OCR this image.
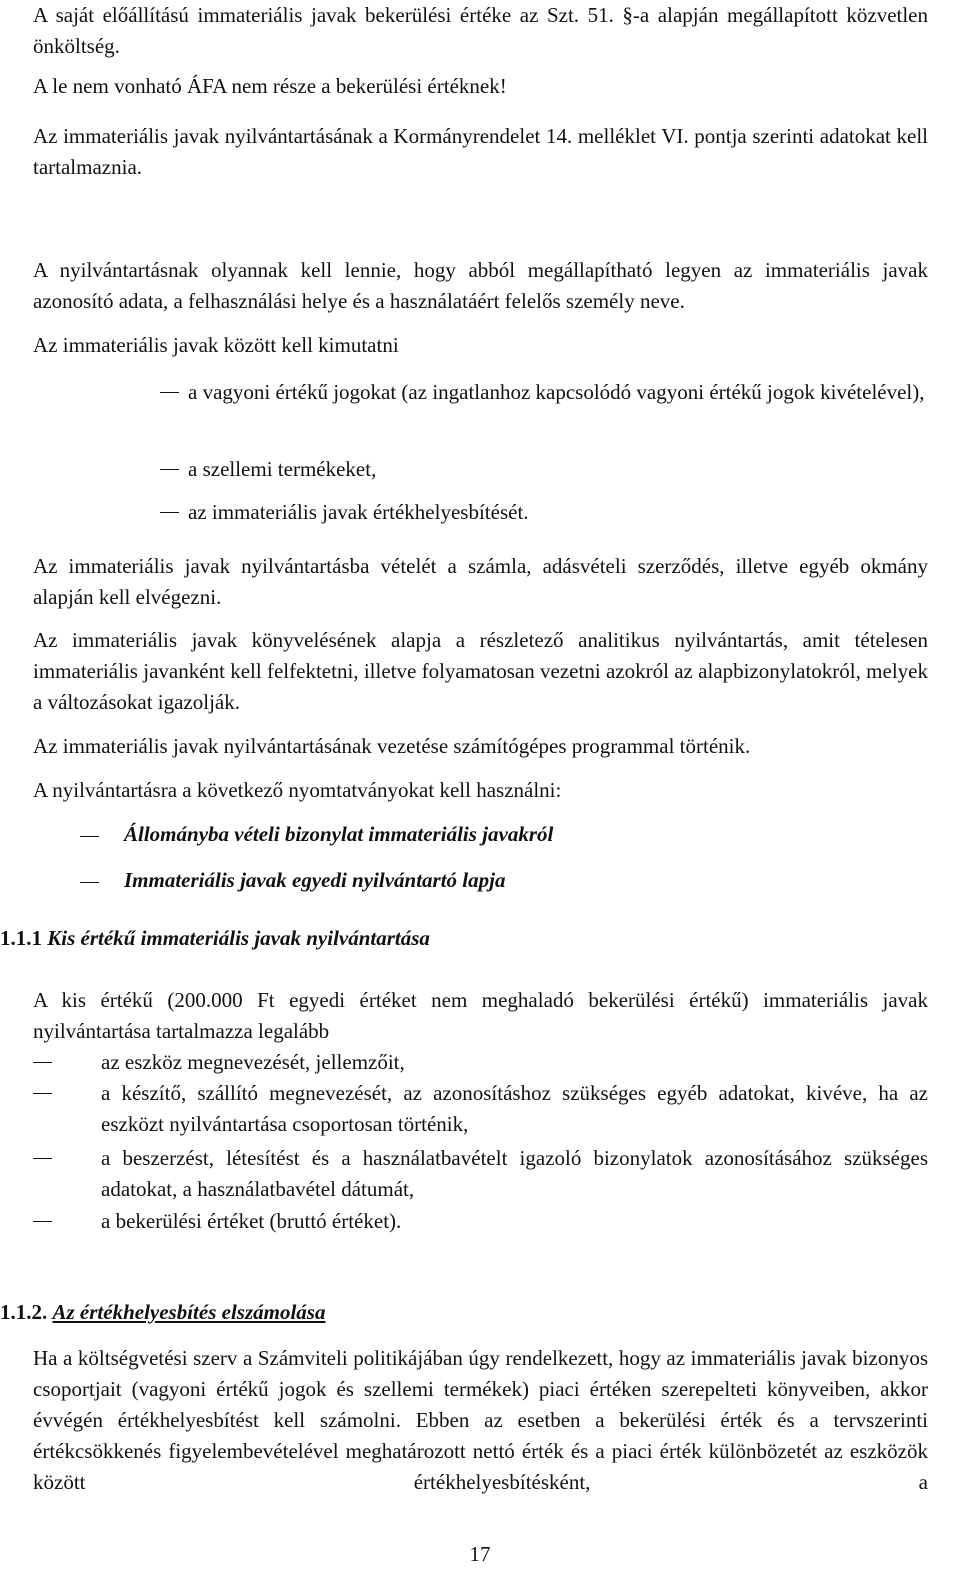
A saját előállítású immateriális javak bekerülési értéke az Szt. 51. §-a alapján megállapított közvetlen önköltség.

A le nem vonható ÁFA nem része a bekerülési értéknek!

Az immateriális javak nyilvántartásának a Kormányrendelet 14. melléklet VI. pontja szerinti adatokat kell tartalmaznia.

A nyilvántartásnak olyannak kell lennie, hogy abból megállapítható legyen az immateriális javak azonosító adata, a felhasználási helye és a használatáért felelős személy neve.

Az immateriális javak között kell kimutatni

a vagyoni értékű jogokat (az ingatlanhoz kapcsolódó vagyoni értékű jogok kivételével),
a szellemi termékeket,
az immateriális javak értékhelyesbítését.

Az immateriális javak nyilvántartásba vételét a számla, adásvételi szerződés, illetve egyéb okmány alapján kell elvégezni.

Az immateriális javak könyvelésének alapja a részletező analitikus nyilvántartás, amit tételesen immateriális javanként kell felfektetni, illetve folyamatosan vezetni azokról az alapbizonylatokról, melyek a változásokat igazolják.

Az immateriális javak nyilvántartásának vezetése számítógépes programmal történik.

A nyilvántartásra a következő nyomtatványokat kell használni:

Állományba vételi bizonylat immateriális javakról
Immateriális javak egyedi nyilvántartó lapja

1.1.1 Kis értékű immateriális javak nyilvántartása

A kis értékű (200.000 Ft egyedi értéket nem meghaladó bekerülési értékű) immateriális javak nyilvántartása tartalmazza legalább

az eszköz megnevezését, jellemzőit,
a készítő, szállító megnevezését, az azonosításhoz szükséges egyéb adatokat, kivéve, ha az eszközt nyilvántartása csoportosan történik,
a beszerzést, létesítést és a használatbavételt igazoló bizonylatok azonosításához szükséges adatokat, a használatbavétel dátumát,
a bekerülési értéket (bruttó értéket).

1.1.2. Az értékhelyesbítés elszámolása

Ha a költségvetési szerv a Számviteli politikájában úgy rendelkezett, hogy az immateriális javak bizonyos csoportjait (vagyoni értékű jogok és szellemi termékek) piaci értéken szerepelteti könyveiben, akkor évvégén értékhelyesbítést kell számolni. Ebben az esetben a bekerülési érték és a tervszerinti értékcsökkenés figyelembevételével meghatározott nettó érték és a piaci érték különbözetét az eszközök között értékhelyesbítésként, a

17
